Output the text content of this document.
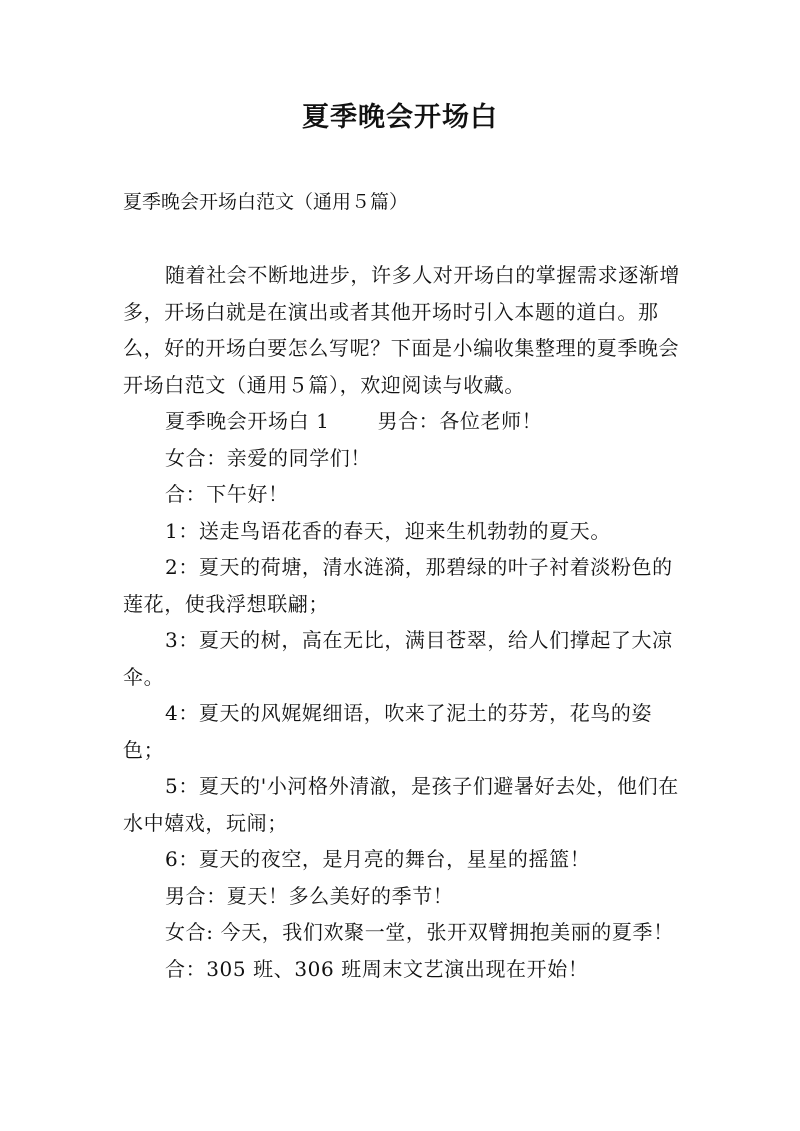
夏季晚会开场白
夏季晚会开场白范文（通用５篇）

随着社会不断地进步，许多人对开场白的掌握需求逐渐增多，开场白就是在演出或者其他开场时引入本题的道白。那么，好的开场白要怎么写呢？下面是小编收集整理的夏季晚会开场白范文（通用５篇），欢迎阅读与收藏。

夏季晚会开场白 1 男合：各位老师！

女合：亲爱的同学们！

合：下午好！

1：送走鸟语花香的春天，迎来生机勃勃的夏天。

2：夏天的荷塘，清水涟漪，那碧绿的叶子衬着淡粉色的莲花，使我浮想联翩；

3：夏天的树，高在无比，满目苍翠，给人们撑起了大凉伞。

4：夏天的风娓娓细语，吹来了泥土的芬芳，花鸟的姿色；

5：夏天的'小河格外清澈，是孩子们避暑好去处，他们在水中嬉戏，玩闹；

6：夏天的夜空，是月亮的舞台，星星的摇篮！

男合：夏天！多么美好的季节！

女合: 今天，我们欢聚一堂，张开双臂拥抱美丽的夏季！

合：305 班、306 班周末文艺演出现在开始！
